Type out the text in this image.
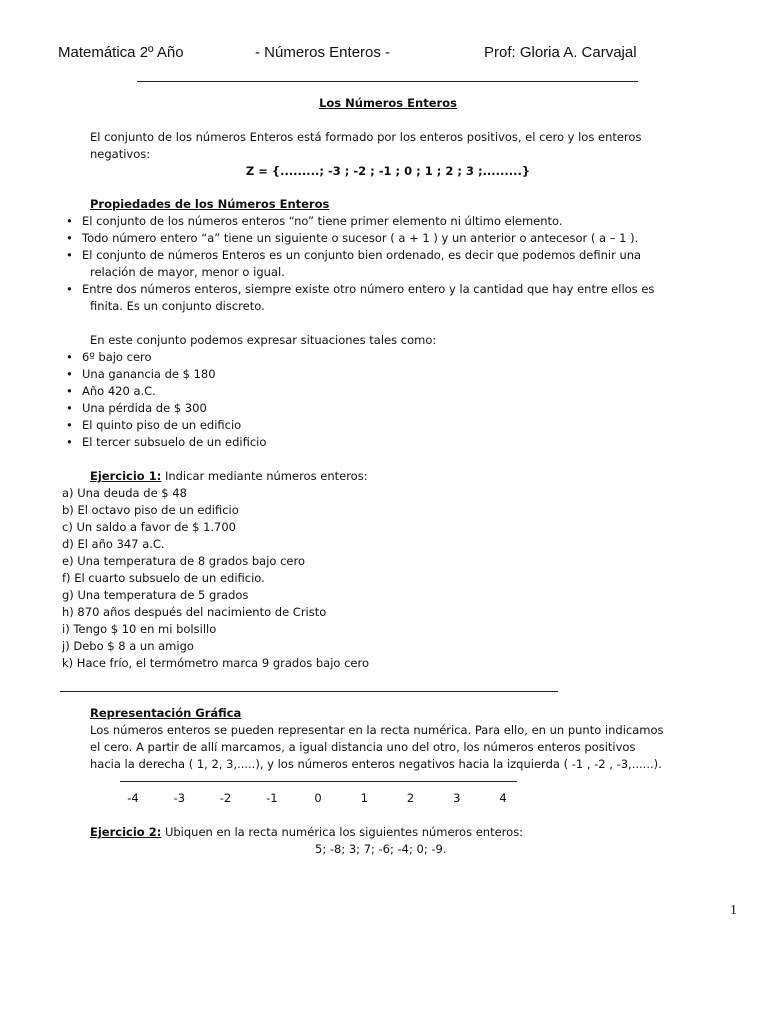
Matemática 2º Año	- Números Enteros -	Prof: Gloria A. Carvajal
Los Números Enteros
El conjunto de los números Enteros está formado por los enteros positivos, el cero y los enteros
negativos:
Z = {.........; -3 ; -2 ; -1 ; 0 ; 1 ; 2 ; 3 ;.........}
Propiedades de los Números Enteros
• El conjunto de los números enteros “no” tiene primer elemento ni último elemento.
• Todo número entero “a” tiene un siguiente o sucesor ( a + 1 ) y un anterior o antecesor ( a – 1 ).
• El conjunto de números Enteros es un conjunto bien ordenado, es decir que podemos definir una
relación de mayor, menor o igual.
• Entre dos números enteros, siempre existe otro número entero y la cantidad que hay entre ellos es
finita. Es un conjunto discreto.
En este conjunto podemos expresar situaciones tales como:
• 6º bajo cero
• Una ganancia de $ 180
• Año 420 a.C.
• Una pérdida de $ 300
• El quinto piso de un edificio
• El tercer subsuelo de un edificio
Ejercicio 1: Indicar mediante números enteros:
a) Una deuda de $ 48
b) El octavo piso de un edificio
c) Un saldo a favor de $ 1.700
d) El año 347 a.C.
e) Una temperatura de 8 grados bajo cero
f) El cuarto subsuelo de un edificio.
g) Una temperatura de 5 grados
h) 870 años después del nacimiento de Cristo
i) Tengo $ 10 en mi bolsillo
j) Debo $ 8 a un amigo
k) Hace frío, el termómetro marca 9 grados bajo cero
Representación Gráfica
Los números enteros se pueden representar en la recta numérica. Para ello, en un punto indicamos
el cero. A partir de allí marcamos, a igual distancia uno del otro, los números enteros positivos
hacia la derecha ( 1, 2, 3,.....), y los números enteros negativos hacia la izquierda ( -1 , -2 , -3,......).
-4	-3	-2	-1	0	1	2	3	4
Ejercicio 2: Ubiquen en la recta numérica los siguientes números enteros:
5; -8; 3; 7; -6; -4; 0; -9.
1
